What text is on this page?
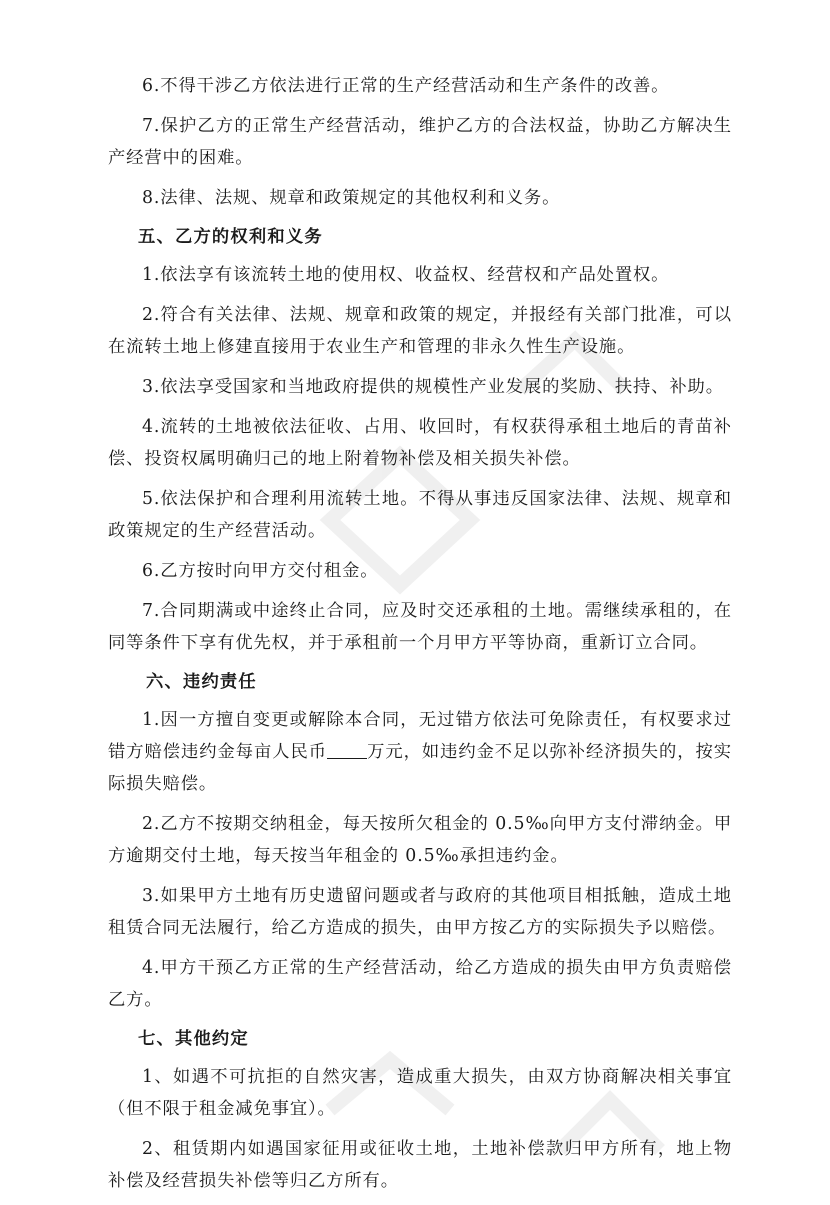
6.不得干涉乙方依法进行正常的生产经营活动和生产条件的改善。

7.保护乙方的正常生产经营活动，维护乙方的合法权益，协助乙方解决生产经营中的困难。

8.法律、法规、规章和政策规定的其他权利和义务。

五、乙方的权利和义务

1.依法享有该流转土地的使用权、收益权、经营权和产品处置权。

2.符合有关法律、法规、规章和政策的规定，并报经有关部门批准，可以在流转土地上修建直接用于农业生产和管理的非永久性生产设施。

3.依法享受国家和当地政府提供的规模性产业发展的奖励、扶持、补助。

4.流转的土地被依法征收、占用、收回时，有权获得承租土地后的青苗补偿、投资权属明确归己的地上附着物补偿及相关损失补偿。

5.依法保护和合理利用流转土地。不得从事违反国家法律、法规、规章和政策规定的生产经营活动。

6.乙方按时向甲方交付租金。

7.合同期满或中途终止合同，应及时交还承租的土地。需继续承租的，在同等条件下享有优先权，并于承租前一个月甲方平等协商，重新订立合同。

六、违约责任

1.因一方擅自变更或解除本合同，无过错方依法可免除责任，有权要求过错方赔偿违约金每亩人民币 万元，如违约金不足以弥补经济损失的，按实际损失赔偿。

2.乙方不按期交纳租金，每天按所欠租金的 0.5‰向甲方支付滞纳金。甲方逾期交付土地，每天按当年租金的 0.5‰承担违约金。

3.如果甲方土地有历史遗留问题或者与政府的其他项目相抵触，造成土地租赁合同无法履行，给乙方造成的损失，由甲方按乙方的实际损失予以赔偿。

4.甲方干预乙方正常的生产经营活动，给乙方造成的损失由甲方负责赔偿乙方。

七、其他约定

1、如遇不可抗拒的自然灾害，造成重大损失，由双方协商解决相关事宜（但不限于租金减免事宜）。

2、租赁期内如遇国家征用或征收土地，土地补偿款归甲方所有，地上物补偿及经营损失补偿等归乙方所有。
